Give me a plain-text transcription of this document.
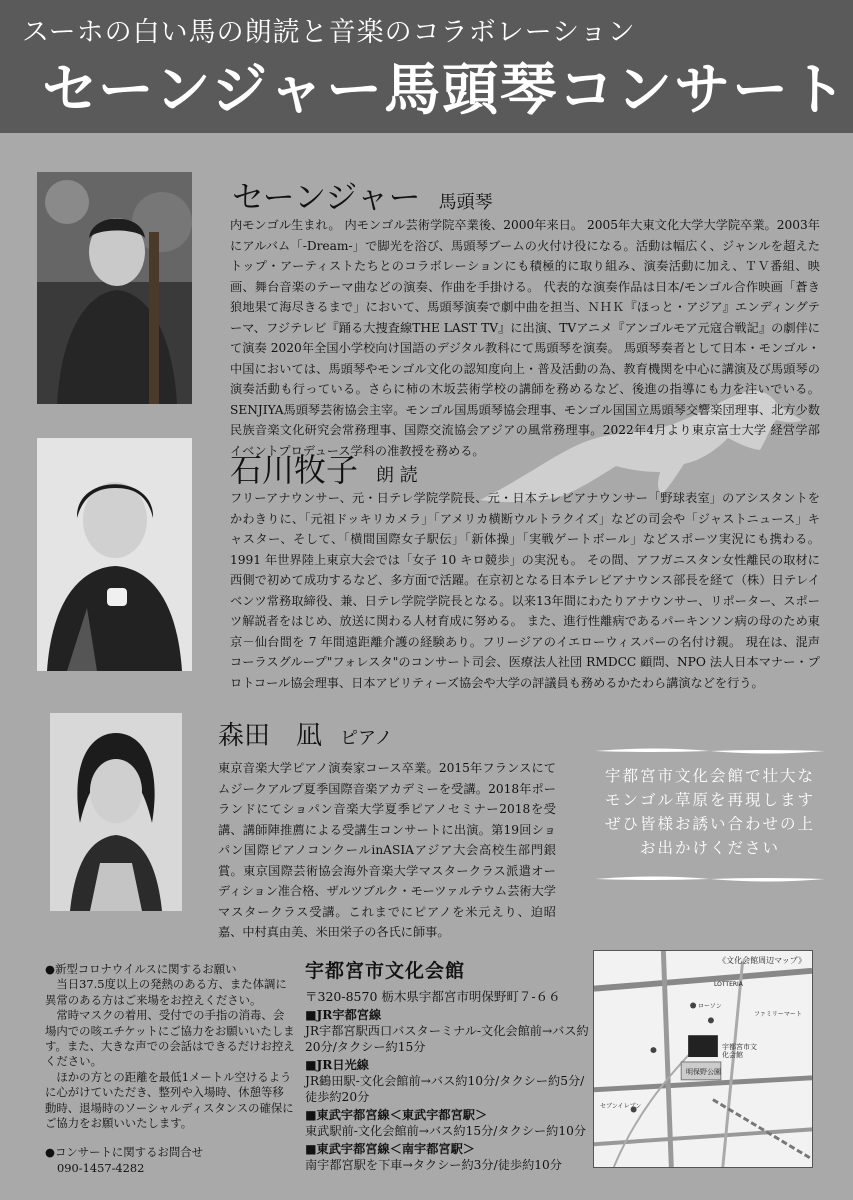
スーホの白い馬の朗読と音楽のコラボレーション
セーンジャー馬頭琴コンサート
セーンジャー 馬頭琴
内モンゴル生まれ。 内モンゴル芸術学院卒業後、2000年来日。 2005年大東文化大学大学院卒業。2003年にアルバム「-Dream-」で脚光を浴び、馬頭琴ブームの火付け役になる。活動は幅広く、ジャンルを超えたトップ・アーティストたちとのコラボレーションにも積極的に取り組み、演奏活動に加え、ＴＶ番組、映画、舞台音楽のテーマ曲などの演奏、作曲を手掛ける。 代表的な演奏作品は日本/モンゴル合作映画「蒼き狼地果て海尽きるまで」において、馬頭琴演奏で劇中曲を担当、ＮＨＫ『ほっと・アジア』エンディングテーマ、フジテレビ『踊る大捜査線THE LAST TV』に出演、TVアニメ『アンゴルモア元寇合戦記』の劇伴にて演奏 2020年全国小学校向け国語のデジタル教科にて馬頭琴を演奏。 馬頭琴奏者として日本・モンゴル・中国においては、馬頭琴やモンゴル文化の認知度向上・普及活動の為、教育機関を中心に講演及び馬頭琴の演奏活動も行っている。さらに柿の木坂芸術学校の講師を務めるなど、後進の指導にも力を注いでいる。 SENJIYA馬頭琴芸術協会主宰。モンゴル国馬頭琴協会理事、モンゴル国国立馬頭琴交響楽団理事、北方少数民族音楽文化研究会常務理事、国際交流協会アジアの風常務理事。2022年4月より東京富士大学 経営学部 イベントプロデュース学科の准教授を務める。
石川牧子 朗 読
フリーアナウンサー、元・日テレ学院学院長、元・日本テレビアナウンサー「野球表室」のアシスタントをかわきりに、「元祖ドッキリカメラ」「アメリカ横断ウルトラクイズ」などの司会や「ジャストニュース」キャスター、そして、「横間国際女子駅伝」「新体操」「実戦ゲートボール」などスポーツ実況にも携わる。1991 年世界陸上東京大会では「女子 10 キロ競歩」の実況も。 その間、アフガニスタン女性離民の取材に西側で初めて成功するなど、多方面で活躍。在京初となる日本テレビアナウンス部長を経て（株）日テレイベンツ常務取締役、兼、日テレ学院学院長となる。以来13年間にわたりアナウンサー、リポーター、スポーツ解説者をはじめ、放送に関わる人材育成に努める。 また、進行性離病であるパーキンソン病の母のため東京－仙台間を 7 年間遠距離介護の経験あり。フリージアのイエローウィスパーの名付け親。 現在は、混声コーラスグループ"フォレスタ"のコンサート司会、医療法人社団 RMDCC 顧問、NPO 法人日本マナー・プロトコール協会理事、日本アビリティーズ協会や大学の評議員も務めるかたわら講演などを行う。
森田　凪 ピアノ
東京音楽大学ピアノ演奏家コース卒業。2015年フランスにてムジークアルプ夏季国際音楽アカデミーを受講。2018年ポーランドにてショパン音楽大学夏季ピアノセミナー2018を受講、講師陣推薦による受講生コンサートに出演。第19回ショパン国際ピアノコンクールinASIAアジア大会高校生部門銀賞。東京国際芸術協会海外音楽大学マスタークラス派遣オーディション准合格、ザルツブルク・モーツァルテウム芸術大学マスタークラス受講。これまでにピアノを米元えり、迫昭嘉、中村真由美、米田栄子の各氏に師事。
宇都宮市文化会館で壮大な
モンゴル草原を再現します
ぜひ皆様お誘い合わせの上
お出かけください
●新型コロナウイルスに関するお願い
当日37.5度以上の発熱のある方、また体調に異常のある方はご来場をお控えください。
常時マスクの着用、受付での手指の消毒、会場内での咳エチケットにご協力をお願いいたします。また、大きな声での会話はできるだけお控えください。
ほかの方との距離を最低1メートル空けるように心がけていただき、整列や入場時、休憩等移動時、退場時のソーシャルディスタンスの確保にご協力をお願いいたします。
●コンサートに関するお問合せ
090-1457-4282
宇都宮市文化会館
〒320-8570 栃木県宇都宮市明保野町７-６６
■JR宇都宮線
JR宇都宮駅西口バスターミナル-文化会館前→バス約20分/タクシー約15分
■JR日光線
JR鶴田駅-文化会館前→バス約10分/タクシー約5分/徒歩約20分
■東武宇都宮線＜東武宇都宮駅＞
東武駅前-文化会館前→バス約15分/タクシー約10分
■東武宇都宮線＜南宇都宮駅＞
南宇都宮駅を下車→タクシー約3分/徒歩約10分
《文化会館周辺マップ》
宇都宮市文化会館
明保野公園
ローソン
ファミリーマート
LOTTERIA
セブンイレブン
